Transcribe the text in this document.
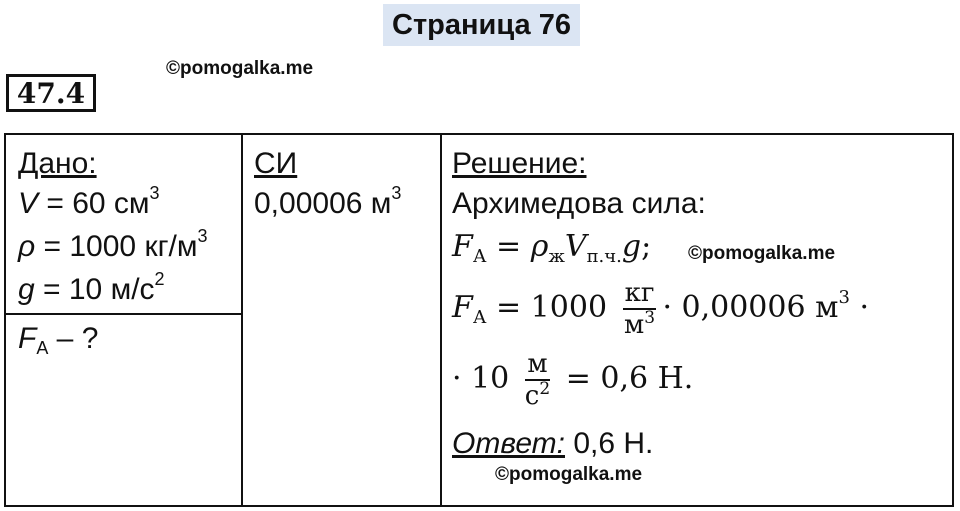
Страница 76
47.4
©pomogalka.me
©pomogalka.me
©pomogalka.me
Дано:
V = 60 $см^3$
ρ = 1000 $кг/м^3$
g = 10 $м/с^2$
$F_А$ – ?
СИ
0,00006 $м^3$
Решение:
Архимедова сила:
$F_А = \rho_жV_{п.ч.}g$;
$F_А = 1000 \frac{кг}{м^3} \cdot 0,00006$ $м^3$ ·
· $10 \frac{м}{с^2} = 0,6$ Н.
Ответ: 0,6 Н.
